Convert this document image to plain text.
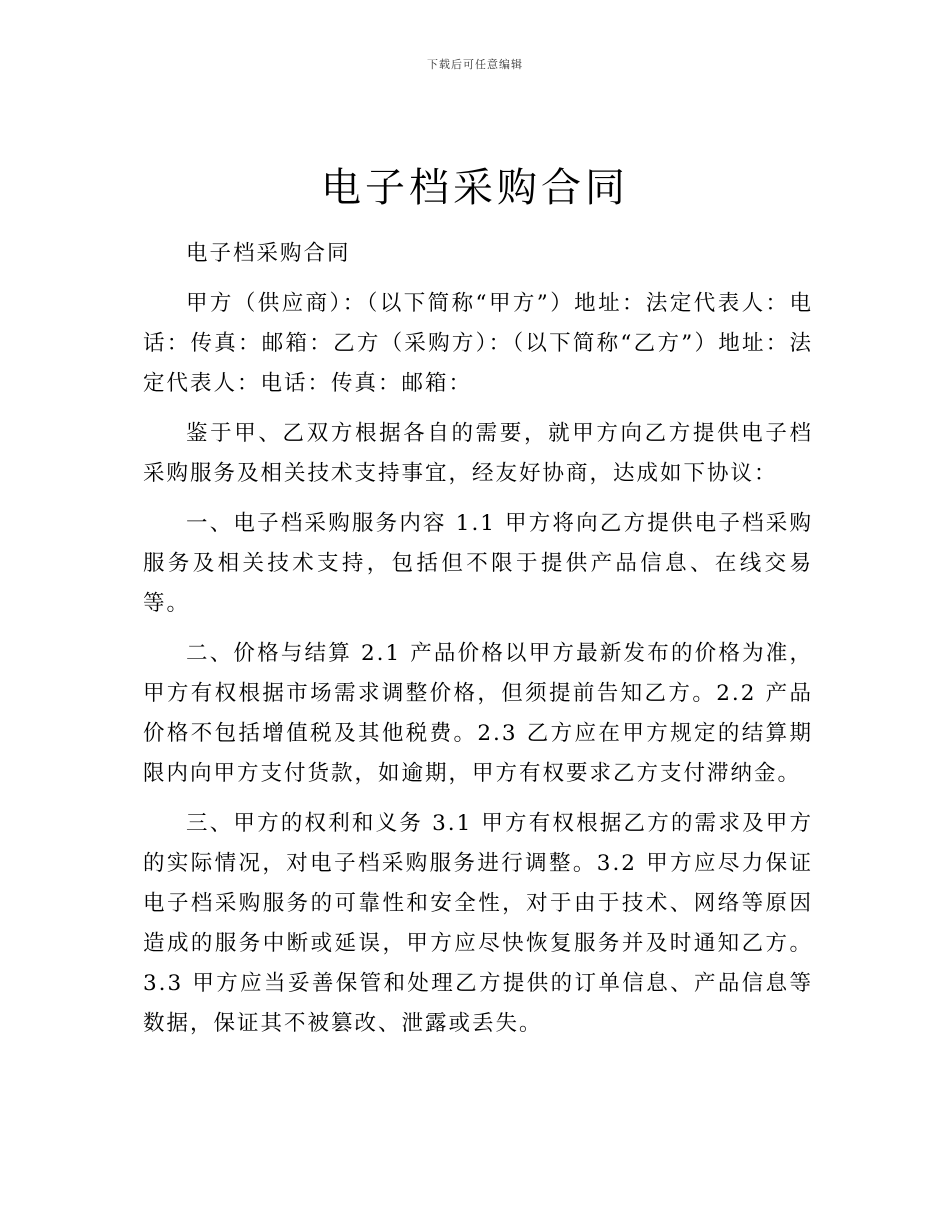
下载后可任意编辑
电子档采购合同

电子档采购合同

甲方（供应商）：（以下简称“甲方”）地址：法定代表人：电话：传真：邮箱：乙方（采购方）：（以下简称“乙方”）地址：法定代表人：电话：传真：邮箱：

鉴于甲、乙双方根据各自的需要，就甲方向乙方提供电子档采购服务及相关技术支持事宜，经友好协商，达成如下协议：

一、电子档采购服务内容 1.1 甲方将向乙方提供电子档采购服务及相关技术支持，包括但不限于提供产品信息、在线交易等。

二、价格与结算 2.1 产品价格以甲方最新发布的价格为准，甲方有权根据市场需求调整价格，但须提前告知乙方。2.2 产品价格不包括增值税及其他税费。2.3 乙方应在甲方规定的结算期限内向甲方支付货款，如逾期，甲方有权要求乙方支付滞纳金。

三、甲方的权利和义务 3.1 甲方有权根据乙方的需求及甲方的实际情况，对电子档采购服务进行调整。3.2 甲方应尽力保证电子档采购服务的可靠性和安全性，对于由于技术、网络等原因造成的服务中断或延误，甲方应尽快恢复服务并及时通知乙方。3.3 甲方应当妥善保管和处理乙方提供的订单信息、产品信息等数据，保证其不被篡改、泄露或丢失。
